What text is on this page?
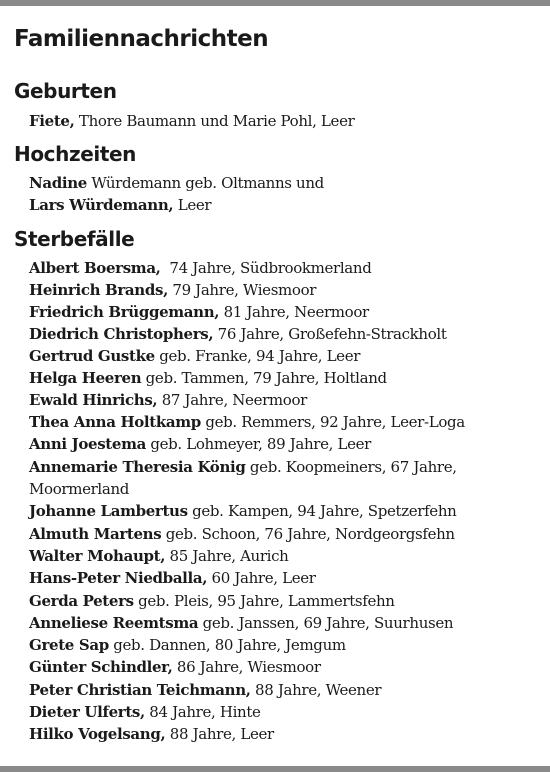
Familiennachrichten
Geburten
Fiete, Thore Baumann und Marie Pohl, Leer
Hochzeiten
Nadine Würdemann geb. Oltmanns und
Lars Würdemann, Leer
Sterbefälle
Albert Boersma,  74 Jahre, Südbrookmerland
Heinrich Brands, 79 Jahre, Wiesmoor
Friedrich Brüggemann, 81 Jahre, Neermoor
Diedrich Christophers, 76 Jahre, Großefehn-Strackholt
Gertrud Gustke geb. Franke, 94 Jahre, Leer
Helga Heeren geb. Tammen, 79 Jahre, Holtland
Ewald Hinrichs, 87 Jahre, Neermoor
Thea Anna Holtkamp geb. Remmers, 92 Jahre, Leer-Loga
Anni Joestema geb. Lohmeyer, 89 Jahre, Leer
Annemarie Theresia König geb. Koopmeiners, 67 Jahre,
Moormerland
Johanne Lambertus geb. Kampen, 94 Jahre, Spetzerfehn
Almuth Martens geb. Schoon, 76 Jahre, Nordgeorgsfehn
Walter Mohaupt, 85 Jahre, Aurich
Hans-Peter Niedballa, 60 Jahre, Leer
Gerda Peters geb. Pleis, 95 Jahre, Lammertsfehn
Anneliese Reemtsma geb. Janssen, 69 Jahre, Suurhusen
Grete Sap geb. Dannen, 80 Jahre, Jemgum
Günter Schindler, 86 Jahre, Wiesmoor
Peter Christian Teichmann, 88 Jahre, Weener
Dieter Ulferts, 84 Jahre, Hinte
Hilko Vogelsang, 88 Jahre, Leer
